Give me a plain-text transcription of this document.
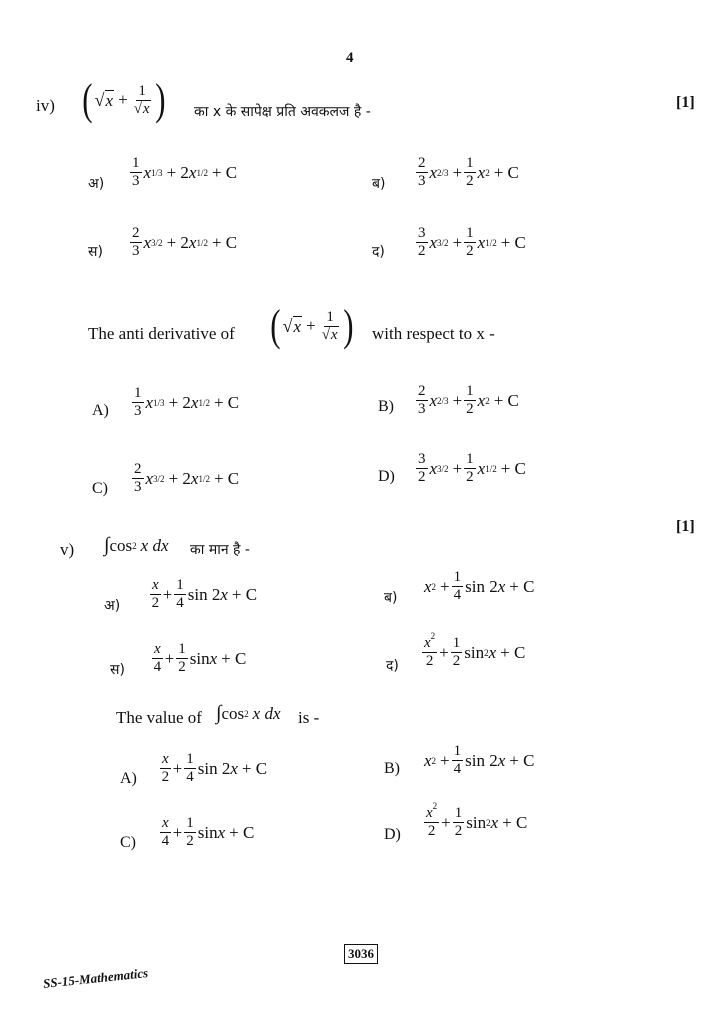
4
iv) ( √ $x + \frac{1}{√x}$ ) का x के सापेक्ष प्रति अवकलज है -
[1]
अ) $\frac{1}{3}$ x 1/3 + 2 x 1/2 + C
ब) $\frac{2}{3}$ x $2/3 + \frac{1}{2}$ x 2 + C
स) $\frac{2}{3}$ x 3/2 + 2 x 1/2 + C
द) $\frac{3}{2}$ x $3/2 + \frac{1}{2}$ x 1/2 + C
The anti derivative of ( √ $x + \frac{1}{√x}$ ) with respect to x -
$A) \frac{1}{3}$ x 1/3 + 2 x 1/2 + C	$B) \frac{2}{3}$ x $2/3 + \frac{1}{2}$ x 2 + C
$C) \frac{2}{3}$ x 3/2 + 2 x 1/2 + C	$D) \frac{3}{2}$ x $3/2 + \frac{1}{2}$ x 1/2 + C
[1]
v) ∫ cos 2 x dx का मान है -
अ) $\frac{x}{2} + \frac{1}{4}$ sin 2 x + C	ब)
x $2 + \frac{1}{4}$ sin 2 x + C
स) $\frac{x}{4} + \frac{1}{2}$ sin x + C	द) $\frac{x^2}{2} + \frac{1}{2}$ sin 2 x + C
The value of ∫ cos 2 x dx is -
$A) \frac{x}{2} + \frac{1}{4}$ sin 2 x + C	B) x $2 + \frac{1}{4}$ sin 2 x + C
$C) \frac{x}{4} + \frac{1}{2}$ sin x + C	$D) \frac{x^2}{2} + \frac{1}{2}$ sin 2 x + C
3036
SS-15-Mathematics
